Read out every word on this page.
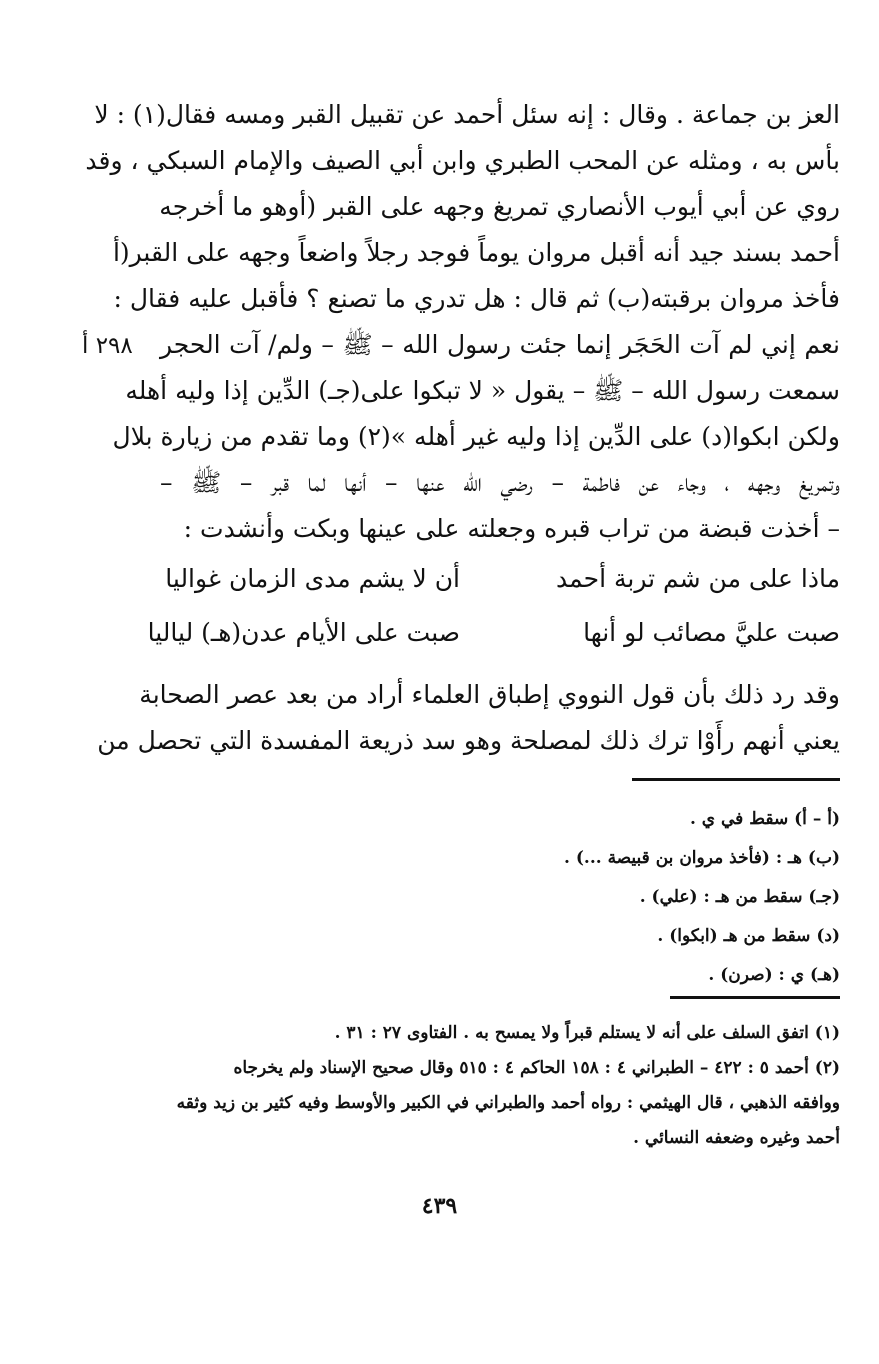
العز بن جماعة . وقال : إنه سئل أحمد عن تقبيل القبر ومسه فقال(١) : لا
بأس به ، ومثله عن المحب الطبري وابن أبي الصيف والإمام السبكي ، وقد
روي عن أبي أيوب الأنصاري تمريغ وجهه على القبر (أوهو ما أخرجه
أحمد بسند جيد أنه أقبل مروان يوماً فوجد رجلاً واضعاً وجهه على القبر(أ
فأخذ مروان برقبته(ب) ثم قال : هل تدري ما تصنع ؟ فأقبل عليه فقال :
نعم إني لم آت الحَجَر إنما جئت رسول الله – ﷺ – ولم/ آت الحجر
سمعت رسول الله – ﷺ – يقول « لا تبكوا على(جـ) الدِّين إذا وليه أهله
ولكن ابكوا(د) على الدِّين إذا وليه غير أهله »(٢) وما تقدم من زيارة بلال
وتمريغ وجهه ، وجاء عن فاطمة – رضي الله عنها – أنها لما قبر – ﷺ –
– أخذت قبضة من تراب قبره وجعلته على عينها وبكت وأنشدت :
٢٩٨ أ
ماذا على من شم تربة أحمد
أن لا يشم مدى الزمان غواليا
صبت عليَّ مصائب لو أنها
صبت على الأيام عدن(هـ) لياليا
وقد رد ذلك بأن قول النووي إطباق العلماء أراد من بعد عصر الصحابة
يعني أنهم رأَوْا ترك ذلك لمصلحة وهو سد ذريعة المفسدة التي تحصل من
(أ – أ) سقط في ي .
(ب) هـ : (فأخذ مروان بن قبيصة ...) .
(جـ) سقط من هـ : (علي) .
(د) سقط من هـ (ابكوا) .
(هـ) ي : (صرن) .
(١) اتفق السلف على أنه لا يستلم قبراً ولا يمسح به . الفتاوى ٢٧ : ٣١ .
(٢) أحمد ٥ : ٤٢٢ – الطبراني ٤ : ١٥٨ الحاكم ٤ : ٥١٥ وقال صحيح الإسناد ولم يخرجاه
ووافقه الذهبي ، قال الهيثمي : رواه أحمد والطبراني في الكبير والأوسط وفيه كثير بن زيد وثقه
أحمد وغيره وضعفه النسائي .
٤٣٩
